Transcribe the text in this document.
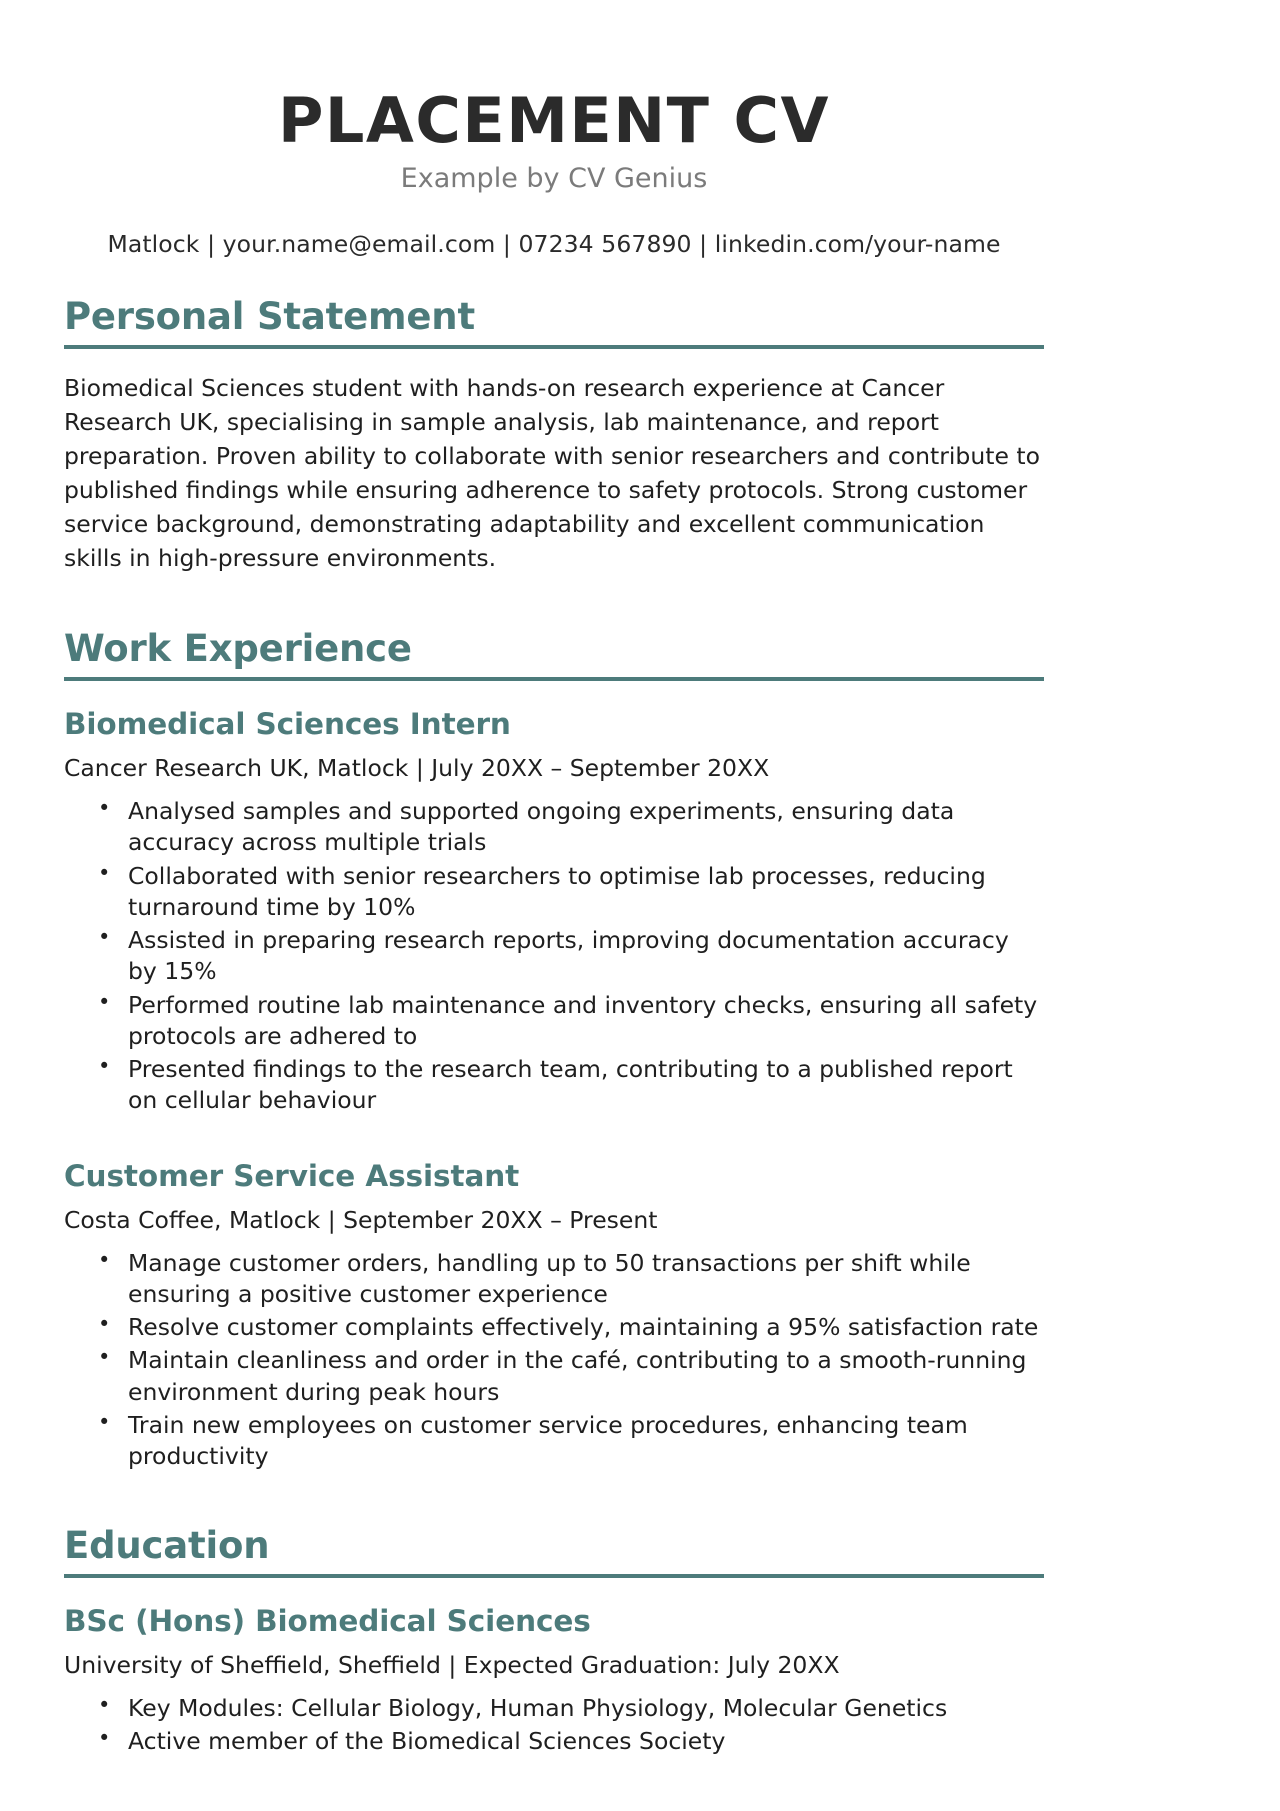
PLACEMENT CV

Example by CV Genius

Matlock | your.name@email.com | 07234 567890 | linkedin.com/your-name

Personal Statement

Biomedical Sciences student with hands-on research experience at Cancer Research UK, specialising in sample analysis, lab maintenance, and report preparation. Proven ability to collaborate with senior researchers and contribute to published findings while ensuring adherence to safety protocols. Strong customer service background, demonstrating adaptability and excellent communication skills in high-pressure environments.

Work Experience
Biomedical Sciences Intern

Cancer Research UK, Matlock | July 20XX – September 20XX

• Analysed samples and supported ongoing experiments, ensuring data accuracy across multiple trials
• Collaborated with senior researchers to optimise lab processes, reducing turnaround time by 10%
• Assisted in preparing research reports, improving documentation accuracy by 15%
• Performed routine lab maintenance and inventory checks, ensuring all safety protocols are adhered to
• Presented findings to the research team, contributing to a published report on cellular behaviour
Customer Service Assistant

Costa Coffee, Matlock | September 20XX – Present

• Manage customer orders, handling up to 50 transactions per shift while ensuring a positive customer experience
• Resolve customer complaints effectively, maintaining a 95% satisfaction rate
• Maintain cleanliness and order in the café, contributing to a smooth-running environment during peak hours
• Train new employees on customer service procedures, enhancing team productivity
Education
BSc (Hons) Biomedical Sciences

University of Sheffield, Sheffield | Expected Graduation: July 20XX

• Key Modules: Cellular Biology, Human Physiology, Molecular Genetics
• Active member of the Biomedical Sciences Society
